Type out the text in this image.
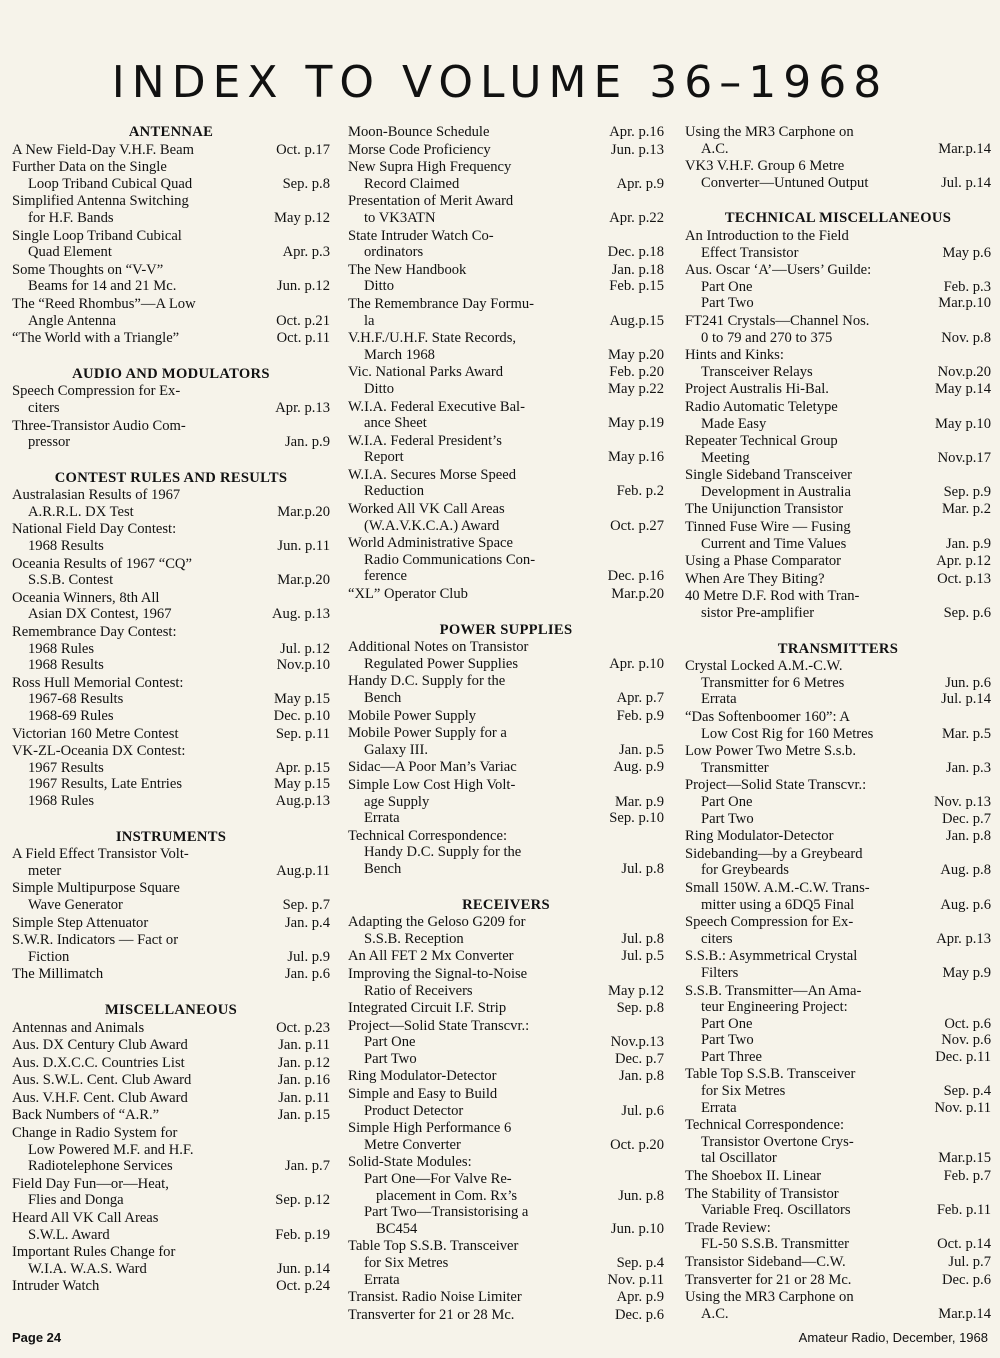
INDEX TO VOLUME 36–1968
ANTENNAE
A New Field-Day V.H.F. Beam	Oct. p.17
Further Data on the Single
Loop Triband Cubical Quad	Sep. p.8
Simplified Antenna Switching
for H.F. Bands	May p.12
Single Loop Triband Cubical
Quad Element	Apr. p.3
Some Thoughts on “V-V”
Beams for 14 and 21 Mc.	Jun. p.12
The “Reed Rhombus”—A Low
Angle Antenna	Oct. p.21
“The World with a Triangle”	Oct. p.11
AUDIO AND MODULATORS
Speech Compression for Ex-
citers	Apr. p.13
Three-Transistor Audio Com-
pressor	Jan. p.9
CONTEST RULES AND RESULTS
Australasian Results of 1967
A.R.R.L. DX Test	Mar.p.20
National Field Day Contest:
1968 Results	Jun. p.11
Oceania Results of 1967 “CQ”
S.S.B. Contest	Mar.p.20
Oceania Winners, 8th All
Asian DX Contest, 1967	Aug. p.13
Remembrance Day Contest:
1968 Rules	Jul. p.12
1968 Results	Nov.p.10
Ross Hull Memorial Contest:
1967-68 Results	May p.15
1968-69 Rules	Dec. p.10
Victorian 160 Metre Contest	Sep. p.11
VK-ZL-Oceania DX Contest:
1967 Results	Apr. p.15
1967 Results, Late Entries	May p.15
1968 Rules	Aug.p.13
INSTRUMENTS
A Field Effect Transistor Volt-
meter	Aug.p.11
Simple Multipurpose Square
Wave Generator	Sep. p.7
Simple Step Attenuator	Jan. p.4
S.W.R. Indicators — Fact or
Fiction	Jul. p.9
The Millimatch	Jan. p.6
MISCELLANEOUS
Antennas and Animals	Oct. p.23
Aus. DX Century Club Award	Jan. p.11
Aus. D.X.C.C. Countries List	Jan. p.12
Aus. S.W.L. Cent. Club Award	Jan. p.16
Aus. V.H.F. Cent. Club Award	Jan. p.11
Back Numbers of “A.R.”	Jan. p.15
Change in Radio System for
Low Powered M.F. and H.F.
Radiotelephone Services	Jan. p.7
Field Day Fun—or—Heat,
Flies and Donga	Sep. p.12
Heard All VK Call Areas
S.W.L. Award	Feb. p.19
Important Rules Change for
W.I.A. W.A.S. Ward	Jun. p.14
Intruder Watch	Oct. p.24
Moon-Bounce Schedule	Apr. p.16
Morse Code Proficiency	Jun. p.13
New Supra High Frequency
Record Claimed	Apr. p.9
Presentation of Merit Award
to VK3ATN	Apr. p.22
State Intruder Watch Co-
ordinators	Dec. p.18
The New Handbook	Jan. p.18
Ditto	Feb. p.15
The Remembrance Day Formu-
la	Aug.p.15
V.H.F./U.H.F. State Records,
March 1968	May p.20
Vic. National Parks Award	Feb. p.20
Ditto	May p.22
W.I.A. Federal Executive Bal-
ance Sheet	May p.19
W.I.A. Federal President’s
Report	May p.16
W.I.A. Secures Morse Speed
Reduction	Feb. p.2
Worked All VK Call Areas
(W.A.V.K.C.A.) Award	Oct. p.27
World Administrative Space
Radio Communications Con-
ference	Dec. p.16
“XL” Operator Club	Mar.p.20
POWER SUPPLIES
Additional Notes on Transistor
Regulated Power Supplies	Apr. p.10
Handy D.C. Supply for the
Bench	Apr. p.7
Mobile Power Supply	Feb. p.9
Mobile Power Supply for a
Galaxy III.	Jan. p.5
Sidac—A Poor Man’s Variac	Aug. p.9
Simple Low Cost High Volt-
age Supply	Mar. p.9
Errata	Sep. p.10
Technical Correspondence:
Handy D.C. Supply for the
Bench	Jul. p.8
RECEIVERS
Adapting the Geloso G209 for
S.S.B. Reception	Jul. p.8
An All FET 2 Mx Converter	Jul. p.5
Improving the Signal-to-Noise
Ratio of Receivers	May p.12
Integrated Circuit I.F. Strip	Sep. p.8
Project—Solid State Transcvr.:
Part One	Nov.p.13
Part Two	Dec. p.7
Ring Modulator-Detector	Jan. p.8
Simple and Easy to Build
Product Detector	Jul. p.6
Simple High Performance 6
Metre Converter	Oct. p.20
Solid-State Modules:
Part One—For Valve Re-
placement in Com. Rx’s	Jun. p.8
Part Two—Transistorising a
BC454	Jun. p.10
Table Top S.S.B. Transceiver
for Six Metres	Sep. p.4
Errata	Nov. p.11
Transist. Radio Noise Limiter	Apr. p.9
Transverter for 21 or 28 Mc.	Dec. p.6
Using the MR3 Carphone on
A.C.	Mar.p.14
VK3 V.H.F. Group 6 Metre
Converter—Untuned Output	Jul. p.14
TECHNICAL MISCELLANEOUS
An Introduction to the Field
Effect Transistor	May p.6
Aus. Oscar ‘A’—Users’ Guilde:
Part One	Feb. p.3
Part Two	Mar.p.10
FT241 Crystals—Channel Nos.
0 to 79 and 270 to 375	Nov. p.8
Hints and Kinks:
Transceiver Relays	Nov.p.20
Project Australis Hi-Bal.	May p.14
Radio Automatic Teletype
Made Easy	May p.10
Repeater Technical Group
Meeting	Nov.p.17
Single Sideband Transceiver
Development in Australia	Sep. p.9
The Unijunction Transistor	Mar. p.2
Tinned Fuse Wire — Fusing
Current and Time Values	Jan. p.9
Using a Phase Comparator	Apr. p.12
When Are They Biting?	Oct. p.13
40 Metre D.F. Rod with Tran-
sistor Pre-amplifier	Sep. p.6
TRANSMITTERS
Crystal Locked A.M.-C.W.
Transmitter for 6 Metres	Jun. p.6
Errata	Jul. p.14
“Das Softenboomer 160”: A
Low Cost Rig for 160 Metres	Mar. p.5
Low Power Two Metre S.s.b.
Transmitter	Jan. p.3
Project—Solid State Transcvr.:
Part One	Nov. p.13
Part Two	Dec. p.7
Ring Modulator-Detector	Jan. p.8
Sidebanding—by a Greybeard
for Greybeards	Aug. p.8
Small 150W. A.M.-C.W. Trans-
mitter using a 6DQ5 Final	Aug. p.6
Speech Compression for Ex-
citers	Apr. p.13
S.S.B.: Asymmetrical Crystal
Filters	May p.9
S.S.B. Transmitter—An Ama-
teur Engineering Project:
Part One	Oct. p.6
Part Two	Nov. p.6
Part Three	Dec. p.11
Table Top S.S.B. Transceiver
for Six Metres	Sep. p.4
Errata	Nov. p.11
Technical Correspondence:
Transistor Overtone Crys-
tal Oscillator	Mar.p.15
The Shoebox II. Linear	Feb. p.7
The Stability of Transistor
Variable Freq. Oscillators	Feb. p.11
Trade Review:
FL-50 S.S.B. Transmitter	Oct. p.14
Transistor Sideband—C.W.	Jul. p.7
Transverter for 21 or 28 Mc.	Dec. p.6
Using the MR3 Carphone on
A.C.	Mar.p.14
Page 24	Amateur Radio, December, 1968
